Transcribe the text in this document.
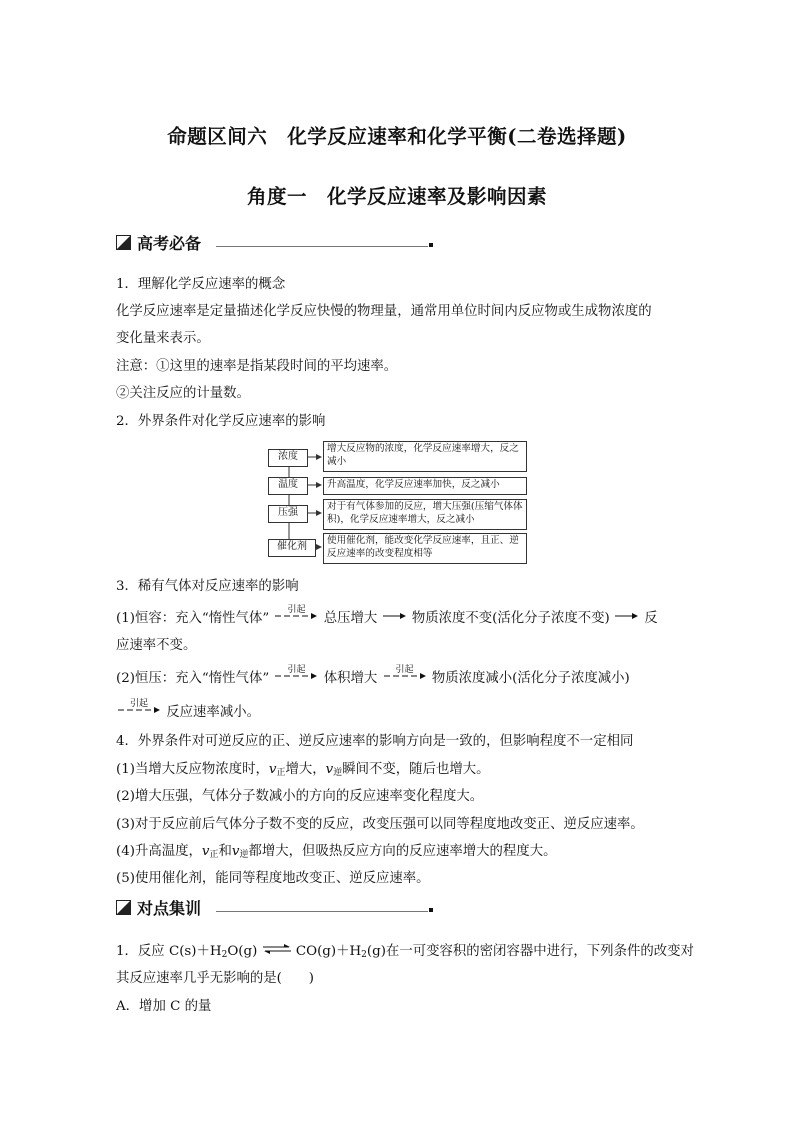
命题区间六　化学反应速率和化学平衡(二卷选择题)
角度一　化学反应速率及影响因素
高考必备
1．理解化学反应速率的概念
化学反应速率是定量描述化学反应快慢的物理量，通常用单位时间内反应物或生成物浓度的
变化量来表示。
注意：①这里的速率是指某段时间的平均速率。
②关注反应的计量数。
2．外界条件对化学反应速率的影响
浓度
温度
压强
催化剂
增大反应物的浓度，化学反应速率增大，反之减小
升高温度，化学反应速率加快，反之减小
对于有气体参加的反应，增大压强(压缩气体体积)，化学反应速率增大，反之减小
使用催化剂，能改变化学反应速率，且正、逆反应速率的改变程度相等
3．稀有气体对反应速率的影响
(1)恒容：充入“惰性气体”
引起
总压增大	物质浓度不变(活化分子浓度不变)	反
应速率不变。
(2)恒压：充入“惰性气体”
引起
体积增大
引起
物质浓度减小(活化分子浓度减小)
引起
反应速率减小。
4．外界条件对可逆反应的正、逆反应速率的影响方向是一致的，但影响程度不一定相同
(1)当增大反应物浓度时，$v_正$增大，$v_逆$瞬间不变，随后也增大。
(2)增大压强，气体分子数减小的方向的反应速率变化程度大。
(3)对于反应前后气体分子数不变的反应，改变压强可以同等程度地改变正、逆反应速率。
(4)升高温度，$v_正$和$v_逆$都增大，但吸热反应方向的反应速率增大的程度大。
(5)使用催化剂，能同等程度地改变正、逆反应速率。
对点集训
1．反应 $C(s)+H_2O(g)$ ⇌ $CO(g)+H_2(g)$在一可变容积的密闭容器中进行，下列条件的改变对
其反应速率几乎无影响的是(　　)
A．增加 C 的量
